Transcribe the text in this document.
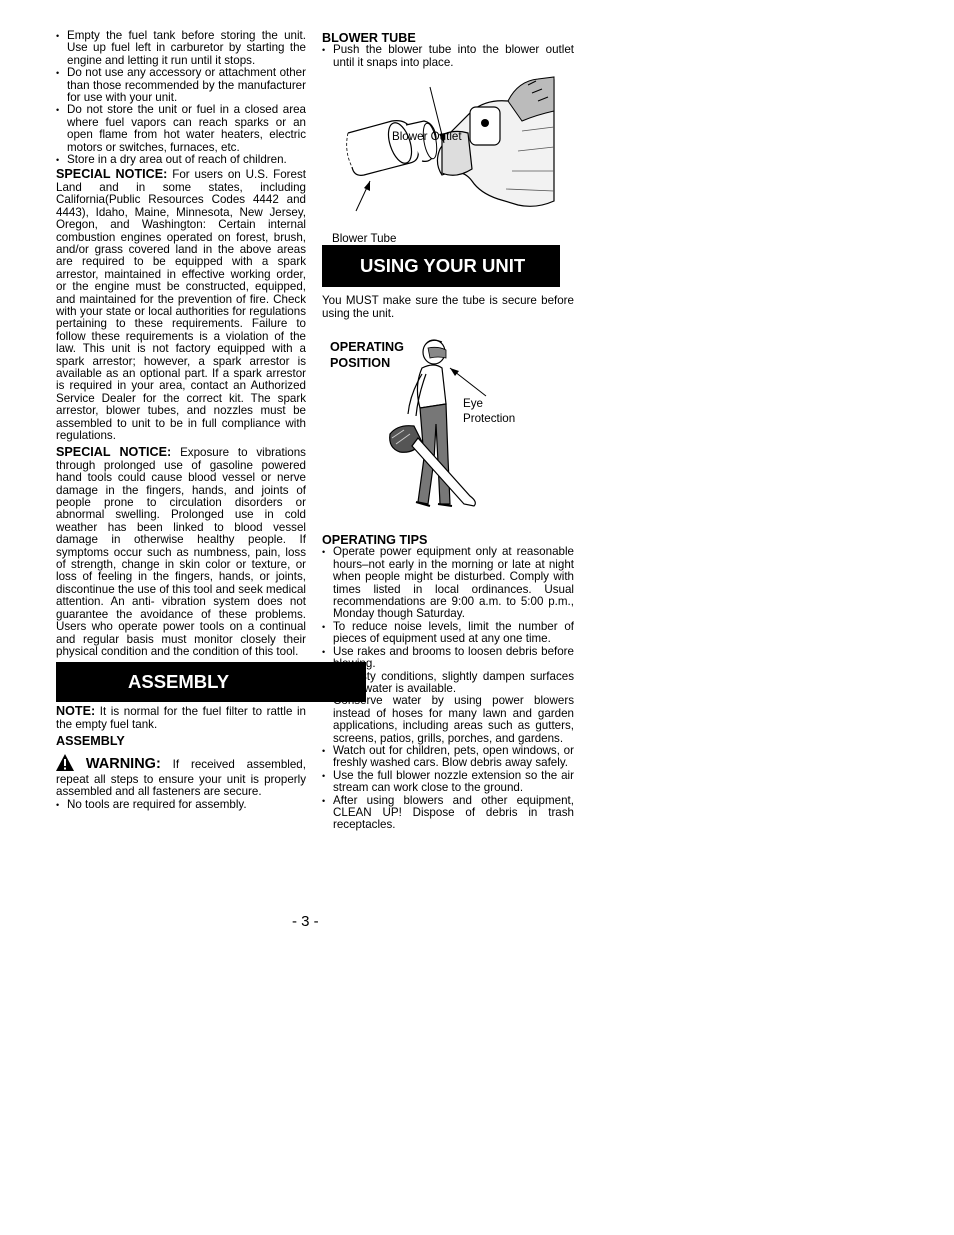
• Empty the fuel tank before storing the unit. Use up fuel left in carburetor by starting the engine and letting it run until it stops.
• Do not use any accessory or attachment other than those recommended by the manufacturer for use with your unit.
• Do not store the unit or fuel in a closed area where fuel vapors can reach sparks or an open flame from hot water heaters, electric motors or switches, furnaces, etc.
• Store in a dry area out of reach of children.

SPECIAL NOTICE: For users on U.S. Forest Land and in some states, including California(Public Resources Codes 4442 and 4443), Idaho, Maine, Minnesota, New Jersey, Oregon, and Washington: Certain internal combustion engines operated on forest, brush, and/or grass covered land in the above areas are required to be equipped with a spark arrestor, maintained in effective working order, or the engine must be constructed, equipped, and maintained for the prevention of fire. Check with your state or local authorities for regulations pertaining to these requirements. Failure to follow these requirements is a violation of the law. This unit is not factory equipped with a spark arrestor; however, a spark arrestor is available as an optional part. If a spark arrestor is required in your area, contact an Authorized Service Dealer for the correct kit. The spark arrestor, blower tubes, and nozzles must be assembled to unit to be in full compliance with regulations.

SPECIAL NOTICE: Exposure to vibrations through prolonged use of gasoline powered hand tools could cause blood vessel or nerve damage in the fingers, hands, and joints of people prone to circulation disorders or abnormal swelling. Prolonged use in cold weather has been linked to blood vessel damage in otherwise healthy people. If symptoms occur such as numbness, pain, loss of strength, change in skin color or texture, or loss of feeling in the fingers, hands, or joints, discontinue the use of this tool and seek medical attention. An anti- vibration system does not guarantee the avoidance of these problems. Users who operate power tools on a continual and regular basis must monitor closely their physical condition and the condition of this tool.

ASSEMBLY

NOTE: It is normal for the fuel filter to rattle in the empty fuel tank.

ASSEMBLY

WARNING: If received assembled, repeat all steps to ensure your unit is properly assembled and all fasteners are secure.

• No tools are required for assembly.
BLOWER TUBE
• Push the blower tube into the blower outlet until it snaps into place.
Blower Outlet
Blower Tube
USING YOUR UNIT

You MUST make sure the tube is secure before using the unit.

OPERATING
POSITION
Eye
Protection
OPERATING TIPS
• Operate power equipment only at reasonable hours–not early in the morning or late at night when people might be disturbed. Comply with times listed in local ordinances. Usual recommendations are 9:00 a.m. to 5:00 p.m., Monday though Saturday.
• To reduce noise levels, limit the number of pieces of equipment used at any one time.
• Use rakes and brooms to loosen debris before blowing.
• In dusty conditions, slightly dampen surfaces when water is available.
• Conserve water by using power blowers instead of hoses for many lawn and garden applications, including areas such as gutters, screens, patios, grills, porches, and gardens.
• Watch out for children, pets, open windows, or freshly washed cars. Blow debris away safely.
• Use the full blower nozzle extension so the air stream can work close to the ground.
• After using blowers and other equipment, CLEAN UP! Dispose of debris in trash receptacles.
- 3 -
